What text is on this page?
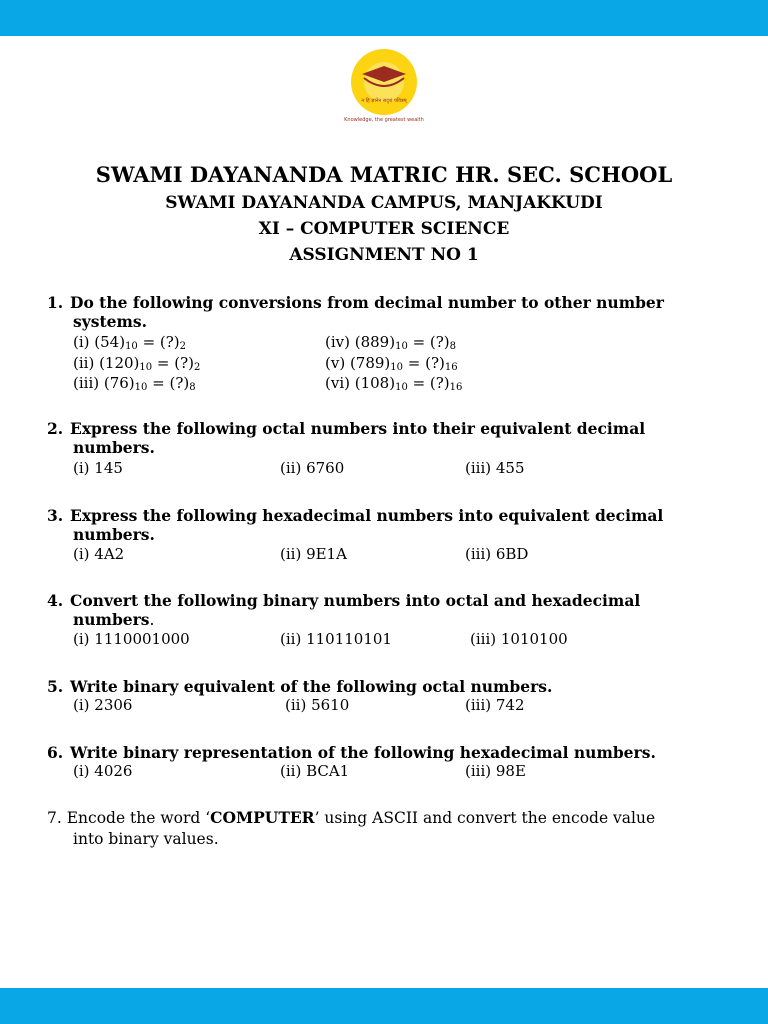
न हि ज्ञानेन सदृशं पवित्रम्
Knowledge, the greatest wealth
SWAMI DAYANANDA MATRIC HR. SEC. SCHOOL
SWAMI DAYANANDA CAMPUS, MANJAKKUDI
XI – COMPUTER SCIENCE
ASSIGNMENT NO 1
1. Do the following conversions from decimal number to other number
systems.
(i) $(54)_{10}$ = $(?)_2$
(ii) $(120)_{10}$ = $(?)_2$
(iii) $(76)_{10}$ = $(?)_8$
(iv) $(889)_{10}$ = $(?)_8$
(v) $(789)_{10}$ = $(?)_{16}$
(vi) $(108)_{10}$ = $(?)_{16}$
2. Express the following octal numbers into their equivalent decimal
numbers.
(i) 145	(ii) 6760	(iii) 455
3. Express the following hexadecimal numbers into equivalent decimal
numbers.
(i) 4A2	(ii) 9E1A	(iii) 6BD
4. Convert the following binary numbers into octal and hexadecimal
numbers.
(i) 1110001000	(ii) 110110101	(iii) 1010100
5. Write binary equivalent of the following octal numbers.
(i) 2306	(ii) 5610	(iii) 742
6. Write binary representation of the following hexadecimal numbers.
(i) 4026	(ii) BCA1	(iii) 98E
7. Encode the word ‘COMPUTER’ using ASCII and convert the encode value
into binary values.
